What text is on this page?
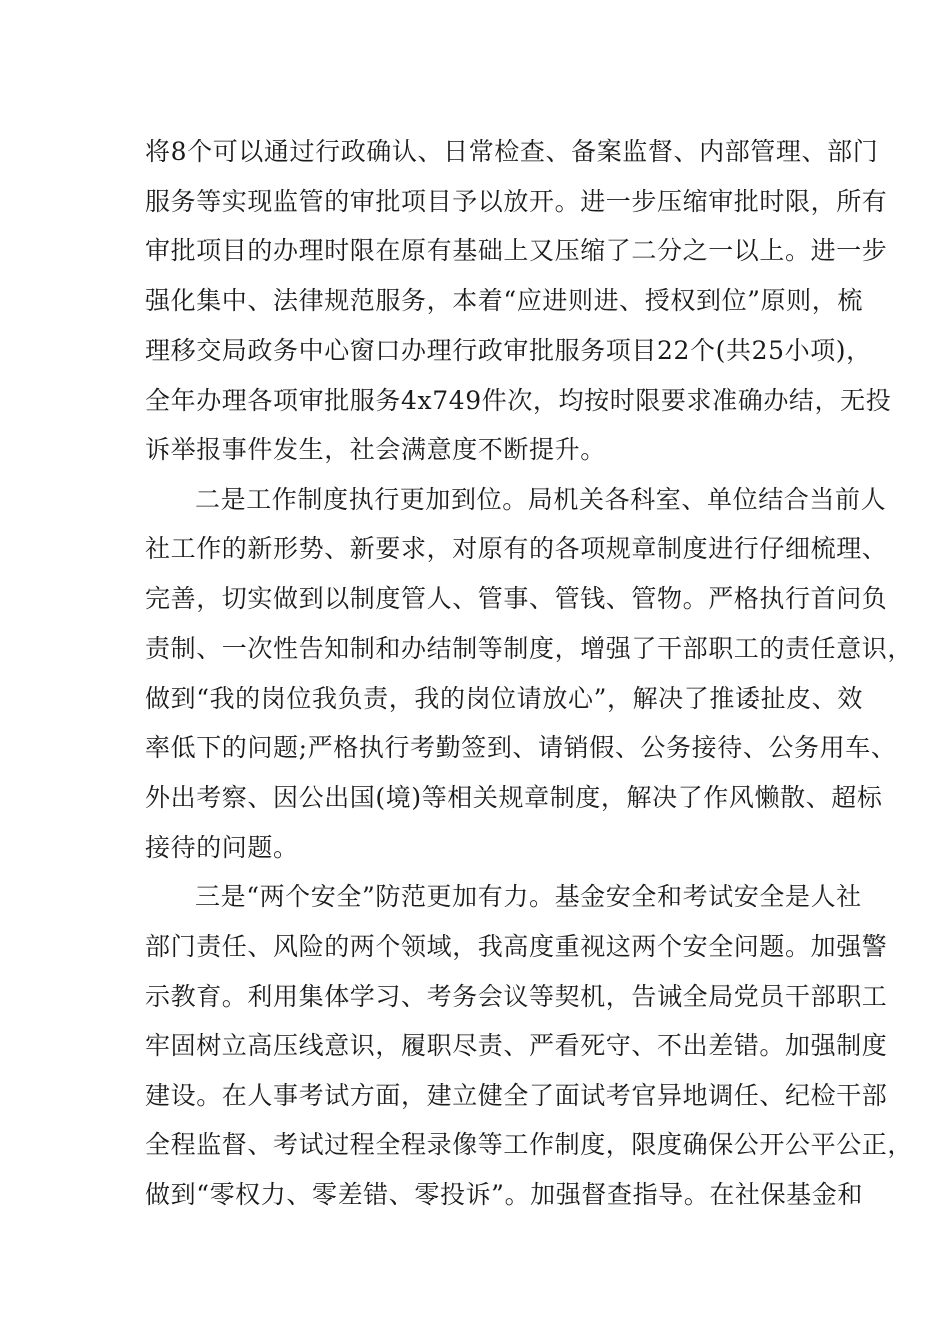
将8个可以通过行政确认、日常检查、备案监督、内部管理、部门
服务等实现监管的审批项目予以放开。进一步压缩审批时限，所有
审批项目的办理时限在原有基础上又压缩了二分之一以上。进一步
强化集中、法律规范服务，本着“应进则进、授权到位”原则，梳
理移交局政务中心窗口办理行政审批服务项目22个(共25小项)，
全年办理各项审批服务4x749件次，均按时限要求准确办结，无投
诉举报事件发生，社会满意度不断提升。
二是工作制度执行更加到位。局机关各科室、单位结合当前人
社工作的新形势、新要求，对原有的各项规章制度进行仔细梳理、
完善，切实做到以制度管人、管事、管钱、管物。严格执行首问负
责制、一次性告知制和办结制等制度，增强了干部职工的责任意识，
做到“我的岗位我负责，我的岗位请放心”，解决了推诿扯皮、效
率低下的问题;严格执行考勤签到、请销假、公务接待、公务用车、
外出考察、因公出国(境)等相关规章制度，解决了作风懒散、超标
接待的问题。
三是“两个安全”防范更加有力。基金安全和考试安全是人社
部门责任、风险的两个领域，我高度重视这两个安全问题。加强警
示教育。利用集体学习、考务会议等契机，告诫全局党员干部职工
牢固树立高压线意识，履职尽责、严看死守、不出差错。加强制度
建设。在人事考试方面，建立健全了面试考官异地调任、纪检干部
全程监督、考试过程全程录像等工作制度，限度确保公开公平公正，
做到“零权力、零差错、零投诉”。加强督查指导。在社保基金和
